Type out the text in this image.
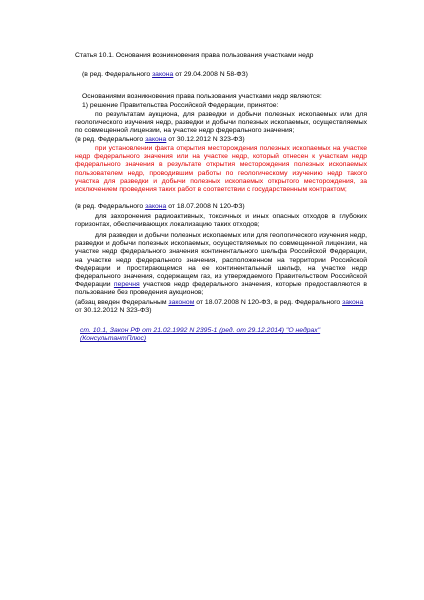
Статья 10.1. Основания возникновения права пользования участками недр

(в ред. Федерального закона от 29.04.2008 N 58-ФЗ)

Основаниями возникновения права пользования участками недр являются:

1) решение Правительства Российской Федерации, принятое:

по результатам аукциона, для разведки и добычи полезных ископаемых или для геологического изучения недр, разведки и добычи полезных ископаемых, осуществляемых по совмещенной лицензии, на участке недр федерального значения;

(в ред. Федерального закона от 30.12.2012 N 323-ФЗ)

при установлении факта открытия месторождения полезных ископаемых на участке недр федерального значения или на участке недр, который отнесен к участкам недр федерального значения в результате открытия месторождения полезных ископаемых пользователем недр, проводившим работы по геологическому изучению недр такого участка для разведки и добычи полезных ископаемых открытого месторождения, за исключением проведения таких работ в соответствии с государственным контрактом;

(в ред. Федерального закона от 18.07.2008 N 120-ФЗ)

для захоронения радиоактивных, токсичных и иных опасных отходов в глубоких горизонтах, обеспечивающих локализацию таких отходов;

для разведки и добычи полезных ископаемых или для геологического изучения недр, разведки и добычи полезных ископаемых, осуществляемых по совмещенной лицензии, на участке недр федерального значения континентального шельфа Российской Федерации, на участке недр федерального значения, расположенном на территории Российской Федерации и простирающемся на ее континентальный шельф, на участке недр федерального значения, содержащем газ, из утверждаемого Правительством Российской Федерации перечня участков недр федерального значения, которые предоставляются в пользование без проведения аукционов;

(абзац введен Федеральным законом от 18.07.2008 N 120-ФЗ, в ред. Федерального закона от 30.12.2012 N 323-ФЗ)

ст. 10.1, Закон РФ от 21.02.1992 N 2395-1 (ред. от 29.12.2014) "О недрах" (КонсультантПлюс)
